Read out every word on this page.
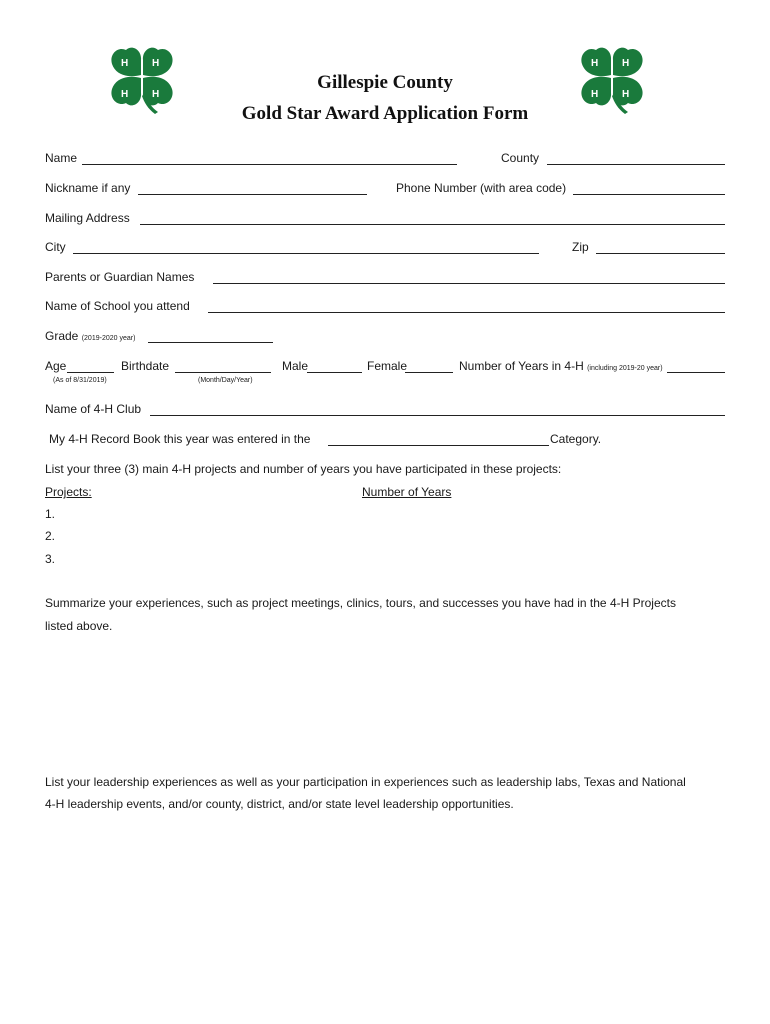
H H
H H
H H
H H
Gillespie County
Gold Star Award Application Form
Name	County
Nickname if any	Phone Number (with area code)
Mailing Address
City	Zip
Parents or Guardian Names
Name of School you attend
Grade (2019-2020 year)
Age	Birthdate	Male	Female	Number of Years in 4-H (including 2019-20 year)
(As of 8/31/2019)	(Month/Day/Year)
Name of 4-H Club
My 4-H Record Book this year was entered in the	Category.
List your three (3) main 4-H projects and number of years you have participated in these projects:
Projects:	Number of Years
1.
2.
3.
Summarize your experiences, such as project meetings, clinics, tours, and successes you have had in the 4-H Projects
listed above.
List your leadership experiences as well as your participation in experiences such as leadership labs, Texas and National
4-H leadership events, and/or county, district, and/or state level leadership opportunities.
